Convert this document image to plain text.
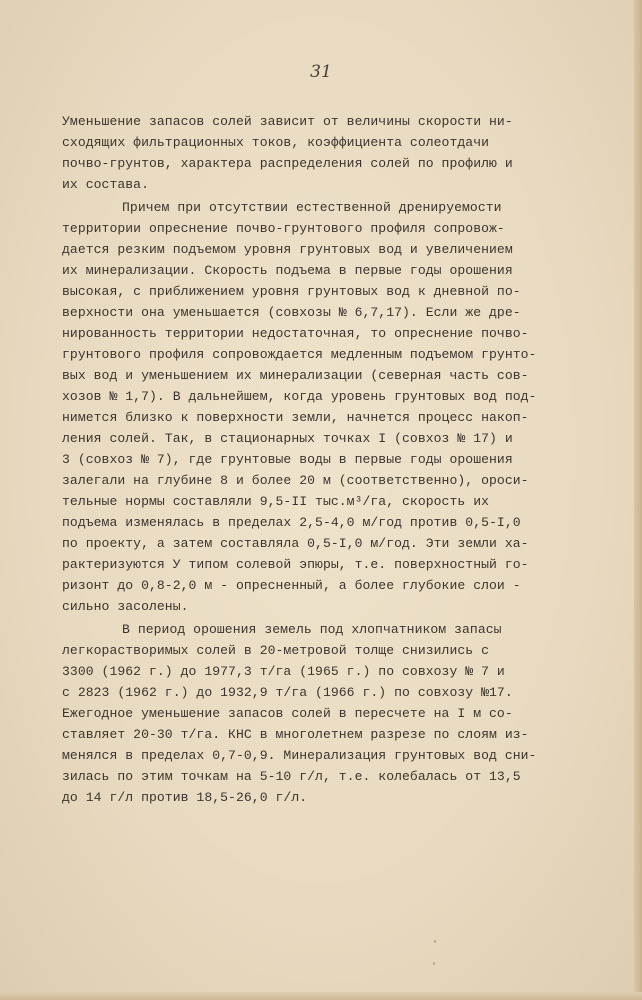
31
Уменьшение запасов солей зависит от величины скорости ни-
сходящих фильтрационных токов, коэффициента солеотдачи
почво-грунтов, характера распределения солей по профилю и
их состава.
Причем при отсутствии естественной дренируемости
территории опреснение почво-грунтового профиля сопровож-
дается резким подъемом уровня грунтовых вод и увеличением
их минерализации. Скорость подъема в первые годы орошения
высокая, с приближением уровня грунтовых вод к дневной по-
верхности она уменьшается (совхозы № 6,7,17). Если же дре-
нированность территории недостаточная, то опреснение почво-
грунтового профиля сопровождается медленным подъемом грунто-
вых вод и уменьшением их минерализации (северная часть сов-
хозов № 1,7). В дальнейшем, когда уровень грунтовых вод под-
нимется близко к поверхности земли, начнется процесс накоп-
ления солей. Так, в стационарных точках I (совхоз № 17) и
3 (совхоз № 7), где грунтовые воды в первые годы орошения
залегали на глубине 8 и более 20 м (соответственно), ороси-
тельные нормы составляли 9,5-II тыс.м³/га, скорость их
подъема изменялась в пределах 2,5-4,0 м/год против 0,5-I,0
по проекту, а затем составляла 0,5-I,0 м/год. Эти земли ха-
рактеризуются У типом солевой эпюры, т.е. поверхностный го-
ризонт до 0,8-2,0 м - опресненный, а более глубокие слои -
сильно засолены.
В период орошения земель под хлопчатником запасы
легкорастворимых солей в 20-метровой толще снизились с
3300 (1962 г.) до 1977,3 т/га (1965 г.) по совхозу № 7 и
с 2823 (1962 г.) до 1932,9 т/га (1966 г.) по совхозу №17.
Ежегодное уменьшение запасов солей в пересчете на I м со-
ставляет 20-30 т/га. КНС в многолетнем разрезе по слоям из-
менялся в пределах 0,7-0,9. Минерализация грунтовых вод сни-
зилась по этим точкам на 5-10 г/л, т.е. колебалась от 13,5
до 14 г/л против 18,5-26,0 г/л.
